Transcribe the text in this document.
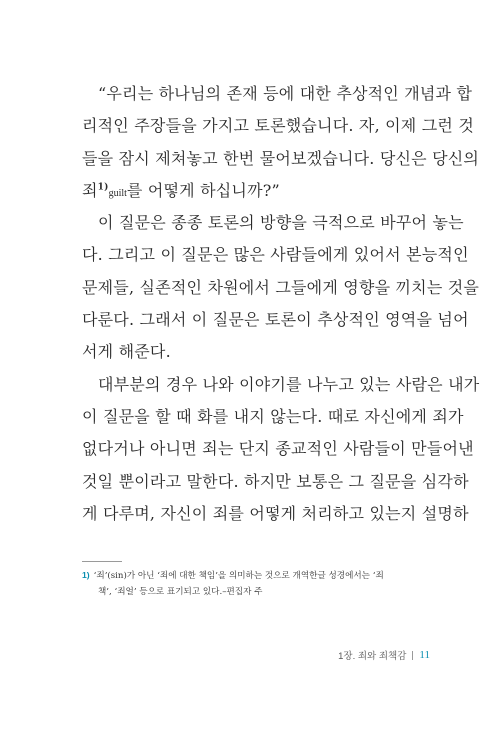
“우리는 하나님의 존재 등에 대한 추상적인 개념과 합
리적인 주장들을 가지고 토론했습니다. 자, 이제 그런 것
들을 잠시 제쳐놓고 한번 물어보겠습니다. 당신은 당신의
죄$^{1)}$guilt를 어떻게 하십니까?”
이 질문은 종종 토론의 방향을 극적으로 바꾸어 놓는
다. 그리고 이 질문은 많은 사람들에게 있어서 본능적인
문제들, 실존적인 차원에서 그들에게 영향을 끼치는 것을
다룬다. 그래서 이 질문은 토론이 추상적인 영역을 넘어
서게 해준다.
대부분의 경우 나와 이야기를 나누고 있는 사람은 내가
이 질문을 할 때 화를 내지 않는다. 때로 자신에게 죄가
없다거나 아니면 죄는 단지 종교적인 사람들이 만들어낸
것일 뿐이라고 말한다. 하지만 보통은 그 질문을 심각하
게 다루며, 자신이 죄를 어떻게 처리하고 있는지 설명하
1) ‘죄’(sin)가 아닌 ‘죄에 대한 책임’을 의미하는 것으로 개역한글 성경에서는 ‘죄
책’, ‘죄얼’ 등으로 표기되고 있다.–편집자 주
1장. 죄와 죄책감 11
